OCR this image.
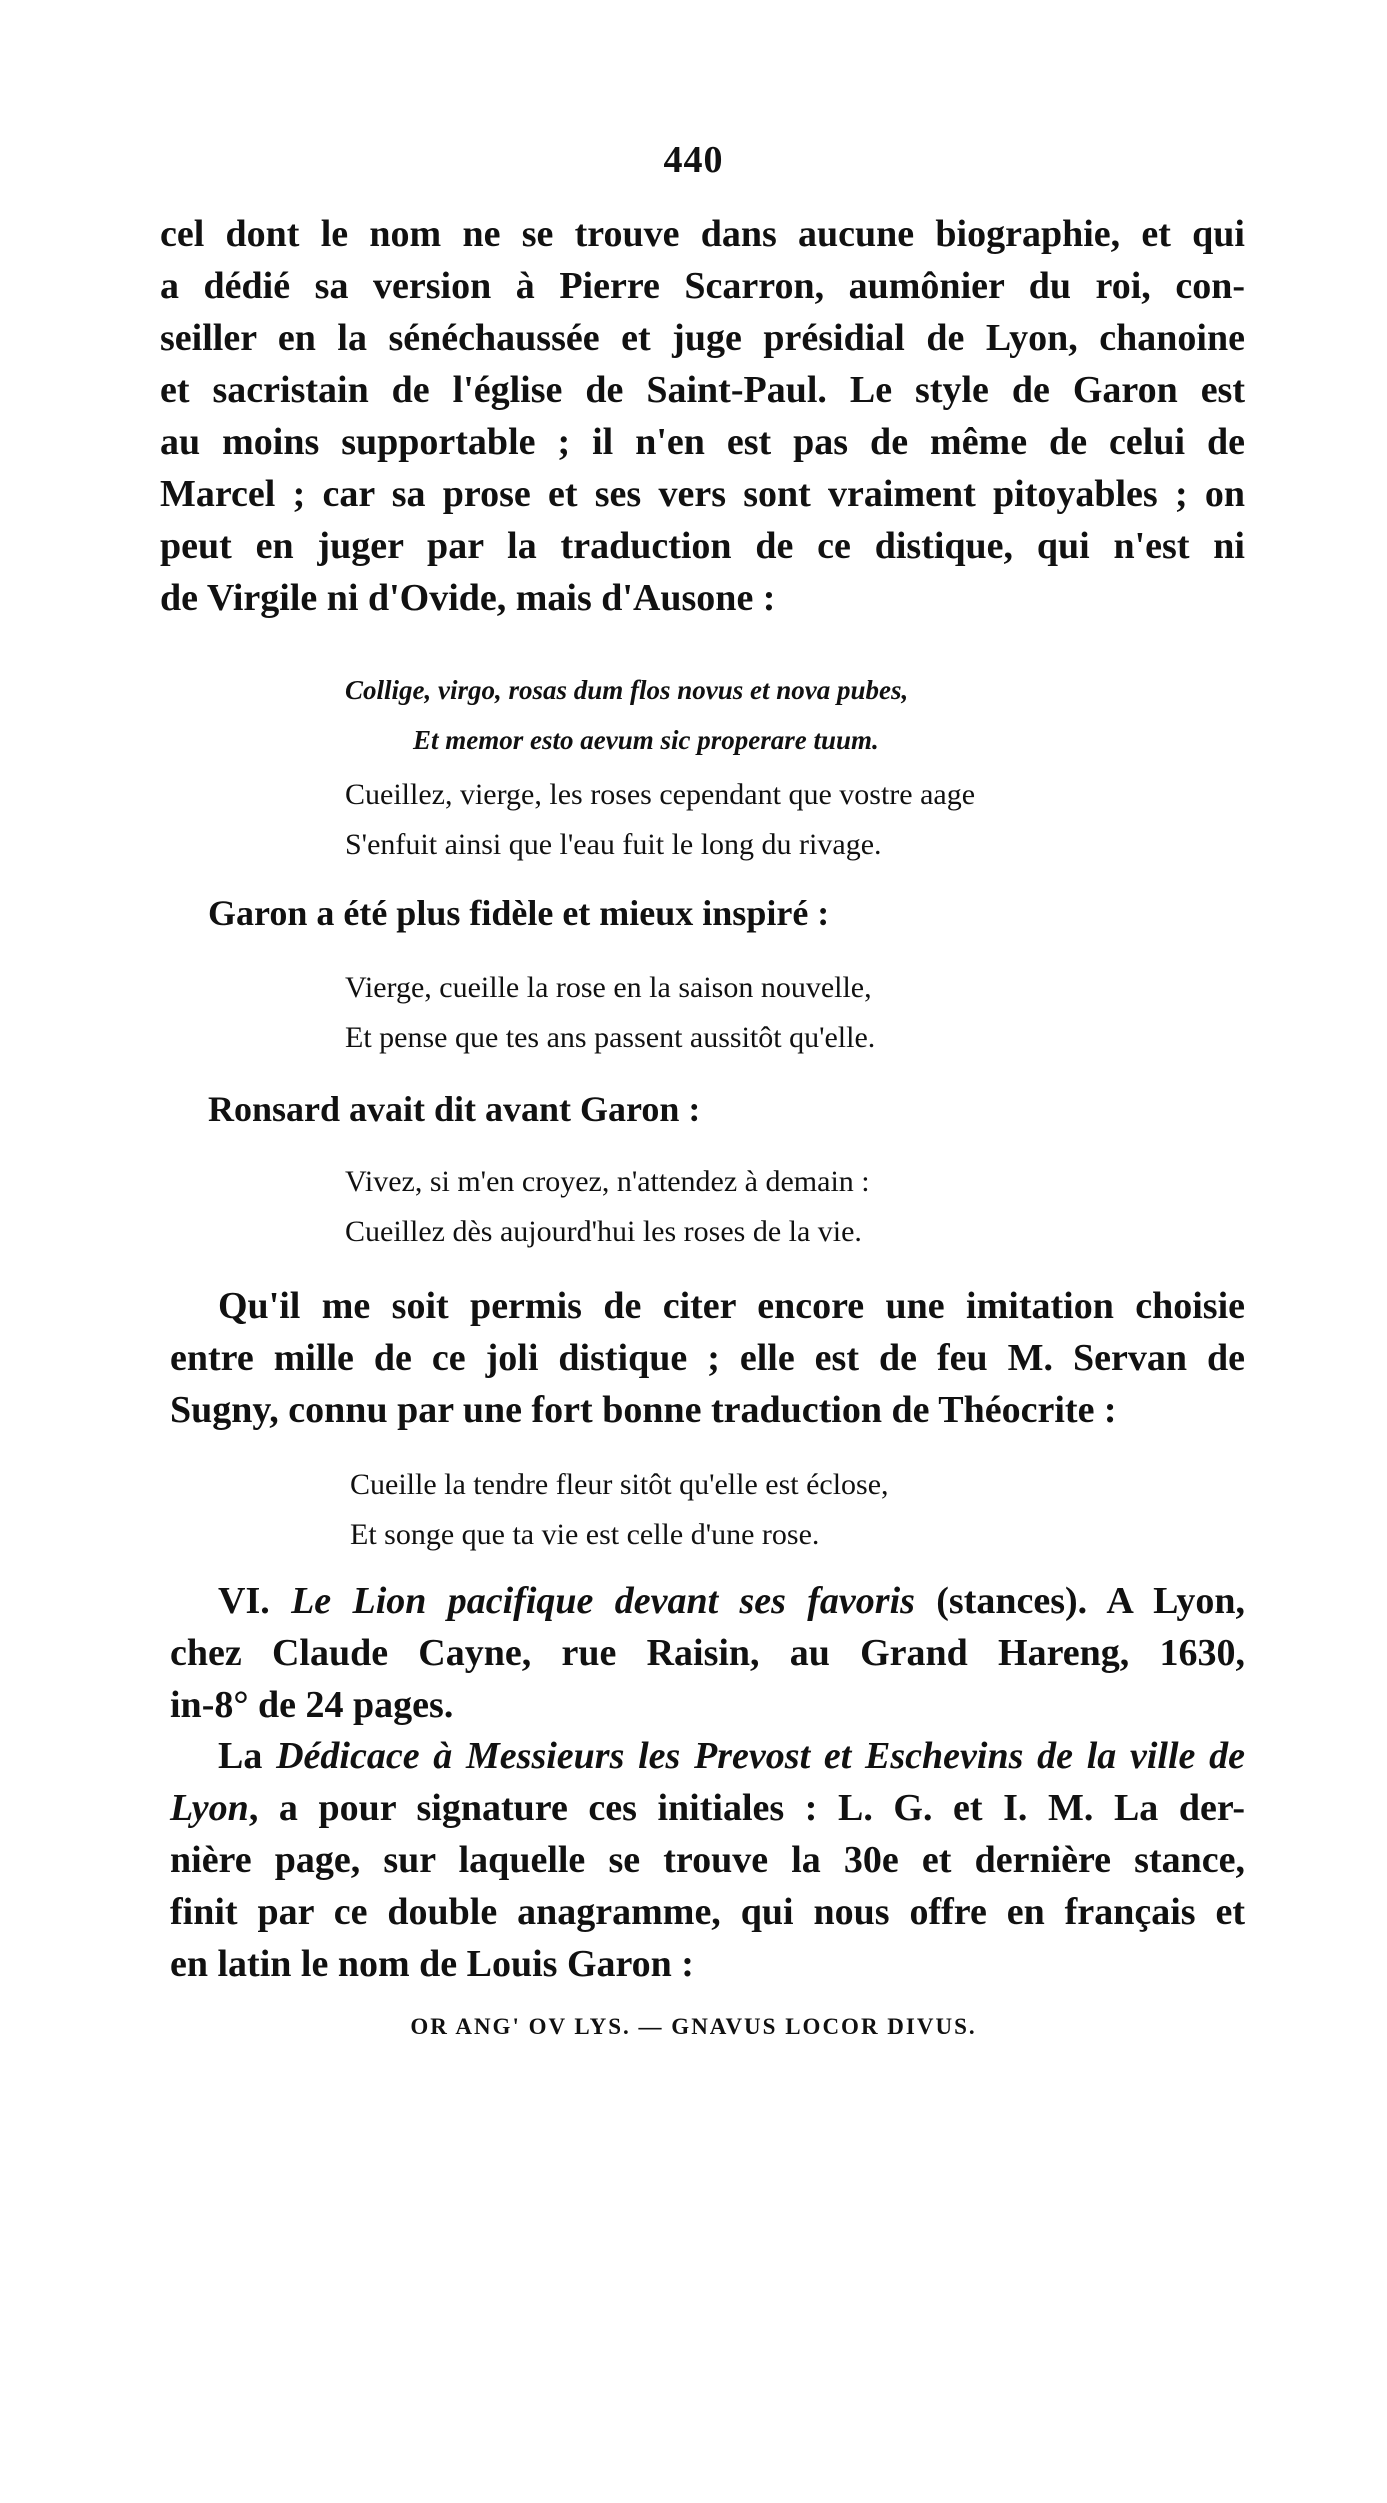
440

cel dont le nom ne se trouve dans aucune biographie, et qui
a dédié sa version à Pierre Scarron, aumônier du roi, con-
seiller en la sénéchaussée et juge présidial de Lyon, chanoine
et sacristain de l'église de Saint-Paul. Le style de Garon est
au moins supportable ; il n'en est pas de même de celui de
Marcel ; car sa prose et ses vers sont vraiment pitoyables ; on
peut en juger par la traduction de ce distique, qui n'est ni
de Virgile ni d'Ovide, mais d'Ausone :

Collige, virgo, rosas dum flos novus et nova pubes,
Et memor esto aevum sic properare tuum.
Cueillez, vierge, les roses cependant que vostre aage
S'enfuit ainsi que l'eau fuit le long du rivage.
Garon a été plus fidèle et mieux inspiré :
Vierge, cueille la rose en la saison nouvelle,
Et pense que tes ans passent aussitôt qu'elle.
Ronsard avait dit avant Garon :
Vivez, si m'en croyez, n'attendez à demain :
Cueillez dès aujourd'hui les roses de la vie.

Qu'il me soit permis de citer encore une imitation choisie
entre mille de ce joli distique ; elle est de feu M. Servan de
Sugny, connu par une fort bonne traduction de Théocrite :

Cueille la tendre fleur sitôt qu'elle est éclose,
Et songe que ta vie est celle d'une rose.

VI. Le Lion pacifique devant ses favoris (stances). A Lyon,
chez Claude Cayne, rue Raisin, au Grand Hareng, 1630,
in-8° de 24 pages.

La Dédicace à Messieurs les Prevost et Eschevins de la ville de
Lyon, a pour signature ces initiales : L. G. et I. M. La der-
nière page, sur laquelle se trouve la 30e et dernière stance,
finit par ce double anagramme, qui nous offre en français et
en latin le nom de Louis Garon :

OR ANG' OV LYS. — GNAVUS LOCOR DIVUS.
